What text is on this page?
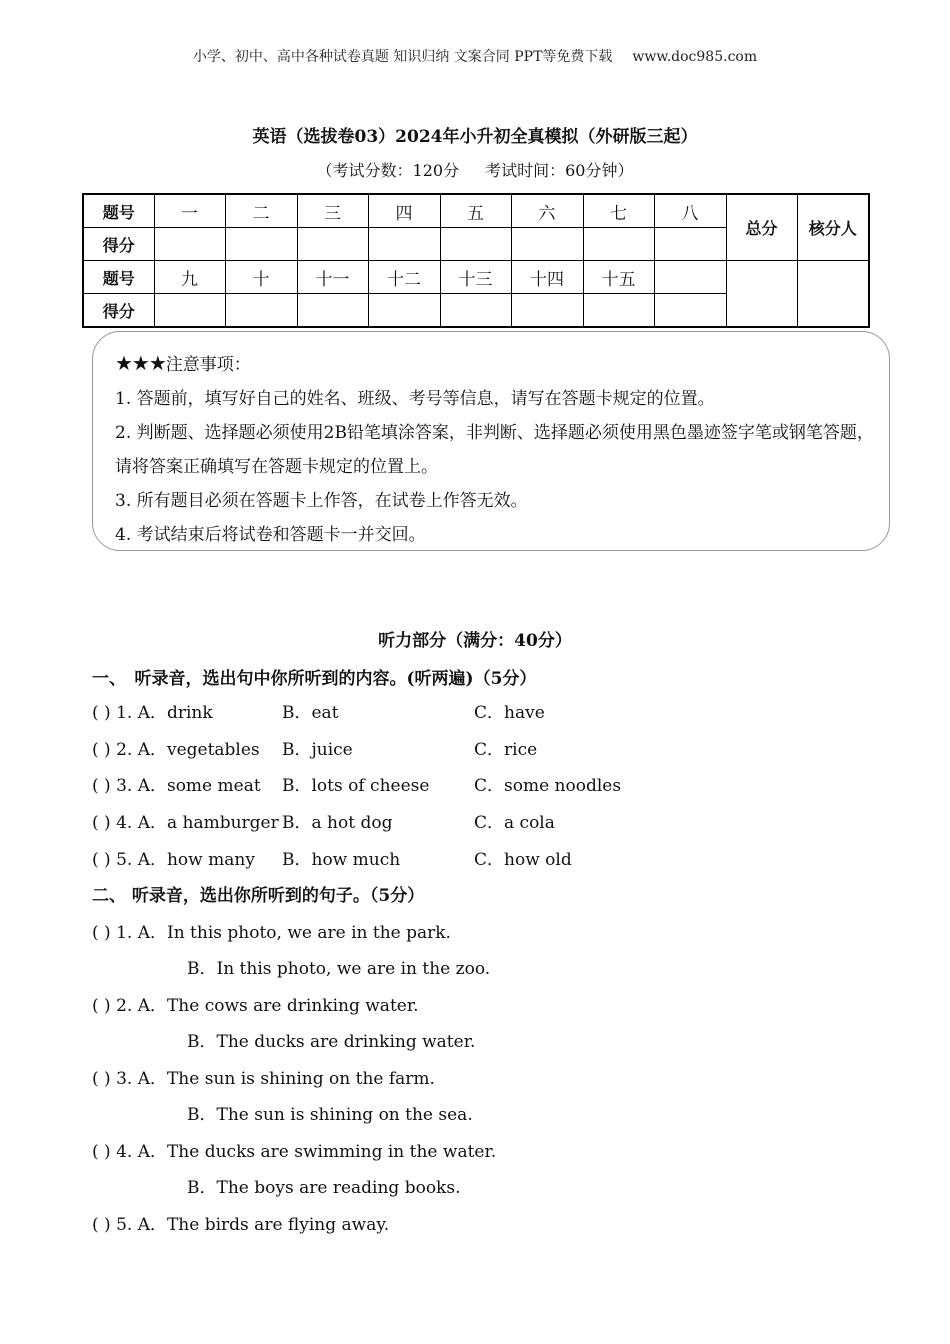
小学、初中、高中各种试卷真题 知识归纳 文案合同 PPT等免费下载 www.doc985.com
英语（选拔卷03）2024年小升初全真模拟（外研版三起）
（考试分数：120分 考试时间：60分钟）
题号	一	二	三	四	五	六	七	八	总分	核分人
得分										
题号	九	十	十一	十二	十三	十四	十五			
得分										

★★★注意事项：

1. 答题前，填写好自己的姓名、班级、考号等信息，请写在答题卡规定的位置。

2. 判断题、选择题必须使用2B铅笔填涂答案，非判断、选择题必须使用黑色墨迹签字笔或钢笔答题，请将答案正确填写在答题卡规定的位置上。

3. 所有题目必须在答题卡上作答，在试卷上作答无效。

4. 考试结束后将试卷和答题卡一并交回。

听力部分（满分：40分）
一、　听录音，选出句中你所听到的内容。(听两遍)（5分）
( ) 1. A．drink	B．eat	C．have
( ) 2. A．vegetables B．juice	C．rice
( ) 3. A．some meat B．lots of cheese	C．some noodles
( ) 4. A．a hamburger B．a hot dog	C．a cola
( ) 5. A．how many B．how much	C．how old
二、 听录音，选出你所听到的句子。（5分）
( ) 1. A．In this photo, we are in the park.
B．In this photo, we are in the zoo.
( ) 2. A．The cows are drinking water.
B．The ducks are drinking water.
( ) 3. A．The sun is shining on the farm.
B．The sun is shining on the sea.
( ) 4. A．The ducks are swimming in the water.
B．The boys are reading books.
( ) 5. A．The birds are flying away.
